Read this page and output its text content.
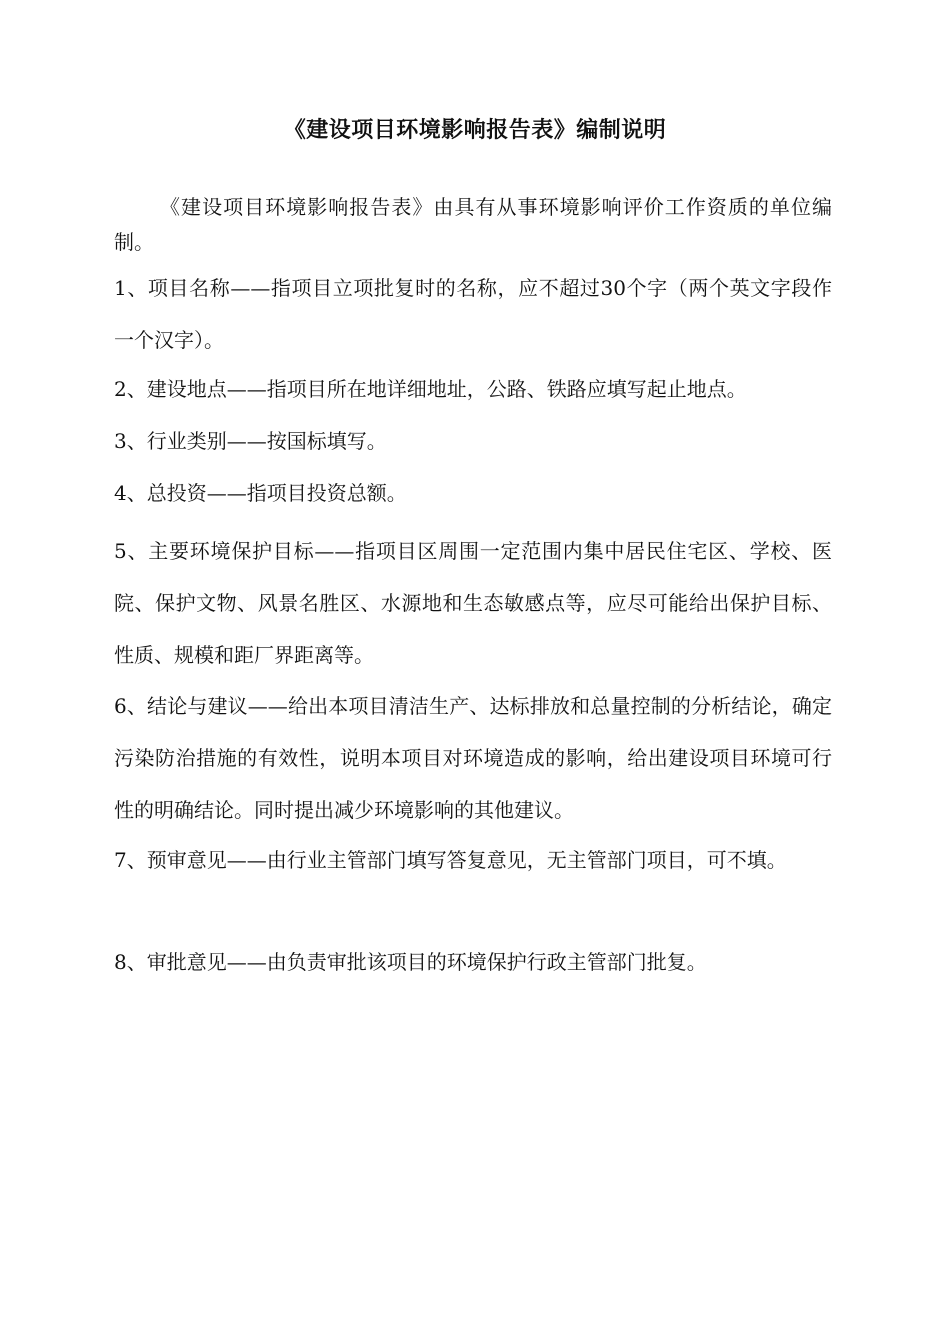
《建设项目环境影响报告表》编制说明
《建设项目环境影响报告表》由具有从事环境影响评价工作资质的单位编制。
1、项目名称——指项目立项批复时的名称，应不超过30个字（两个英文字段作一个汉字）。
2、建设地点——指项目所在地详细地址，公路、铁路应填写起止地点。
3、行业类别——按国标填写。
4、总投资——指项目投资总额。
5、主要环境保护目标——指项目区周围一定范围内集中居民住宅区、学校、医院、保护文物、风景名胜区、水源地和生态敏感点等，应尽可能给出保护目标、性质、规模和距厂界距离等。
6、结论与建议——给出本项目清洁生产、达标排放和总量控制的分析结论，确定污染防治措施的有效性，说明本项目对环境造成的影响，给出建设项目环境可行性的明确结论。同时提出减少环境影响的其他建议。
7、预审意见——由行业主管部门填写答复意见，无主管部门项目，可不填。
8、审批意见——由负责审批该项目的环境保护行政主管部门批复。
